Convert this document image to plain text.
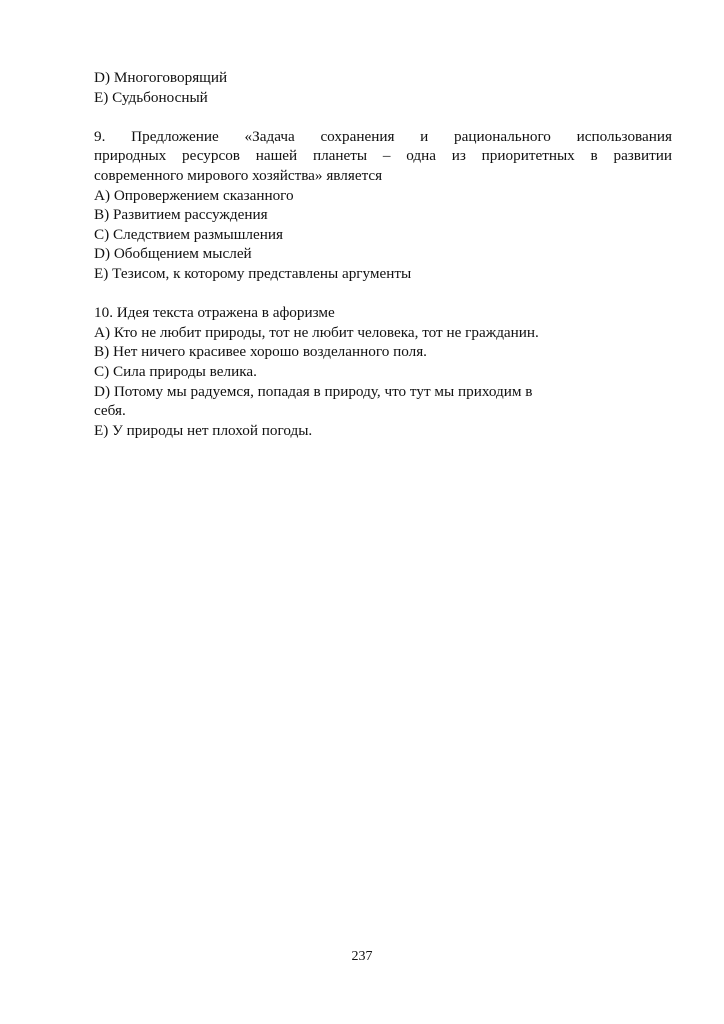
D) Многоговорящий
E) Судьбоносный
9. Предложение «Задача сохранения и рационального использования
природных ресурсов нашей планеты – одна из приоритетных в развитии
современного мирового хозяйства» является
A) Опровержением сказанного
B) Развитием рассуждения
C) Следствием размышления
D) Обобщением мыслей
E) Тезисом, к которому представлены аргументы
10. Идея текста отражена в афоризме
A) Кто не любит природы, тот не любит человека, тот не гражданин.
B) Нет ничего красивее хорошо возделанного поля.
C) Сила природы велика.
D) Потому мы радуемся, попадая в природу, что тут мы приходим в
себя.
E) У природы нет плохой погоды.
237
